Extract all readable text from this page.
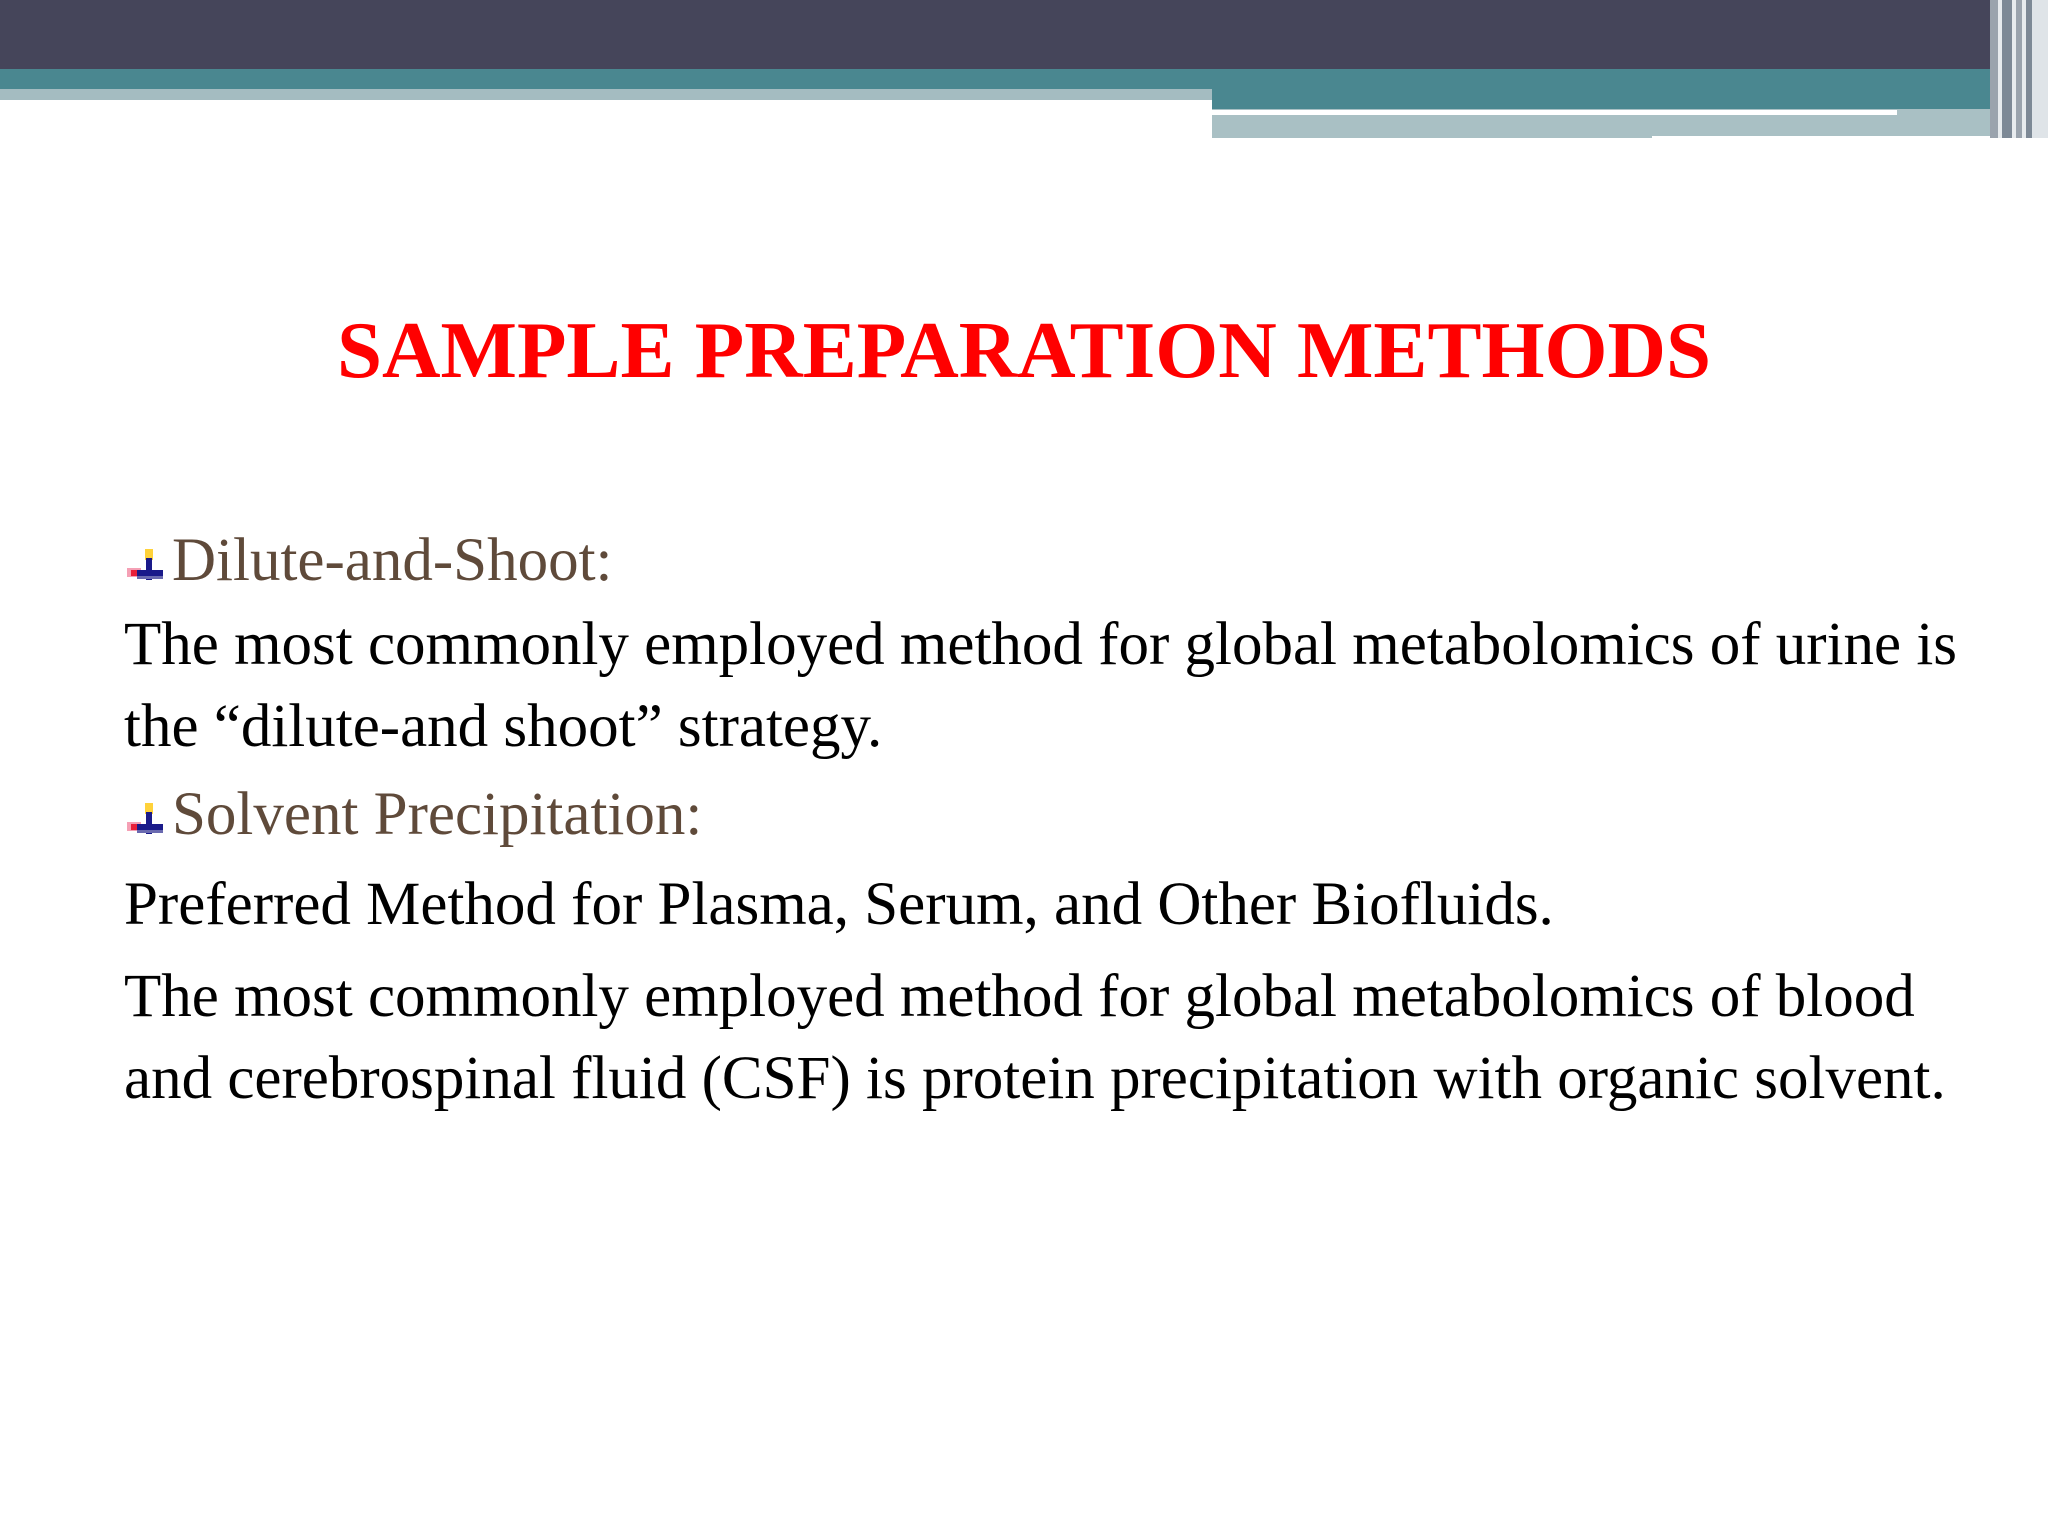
SAMPLE PREPARATION METHODS
Dilute-and-Shoot:

The most commonly employed method for global metabolomics of urine is the “dilute-and shoot” strategy.

Solvent Precipitation:

Preferred Method for Plasma, Serum, and Other Biofluids.

The most commonly employed method for global metabolomics of blood and cerebrospinal fluid (CSF) is protein precipitation with organic solvent.
